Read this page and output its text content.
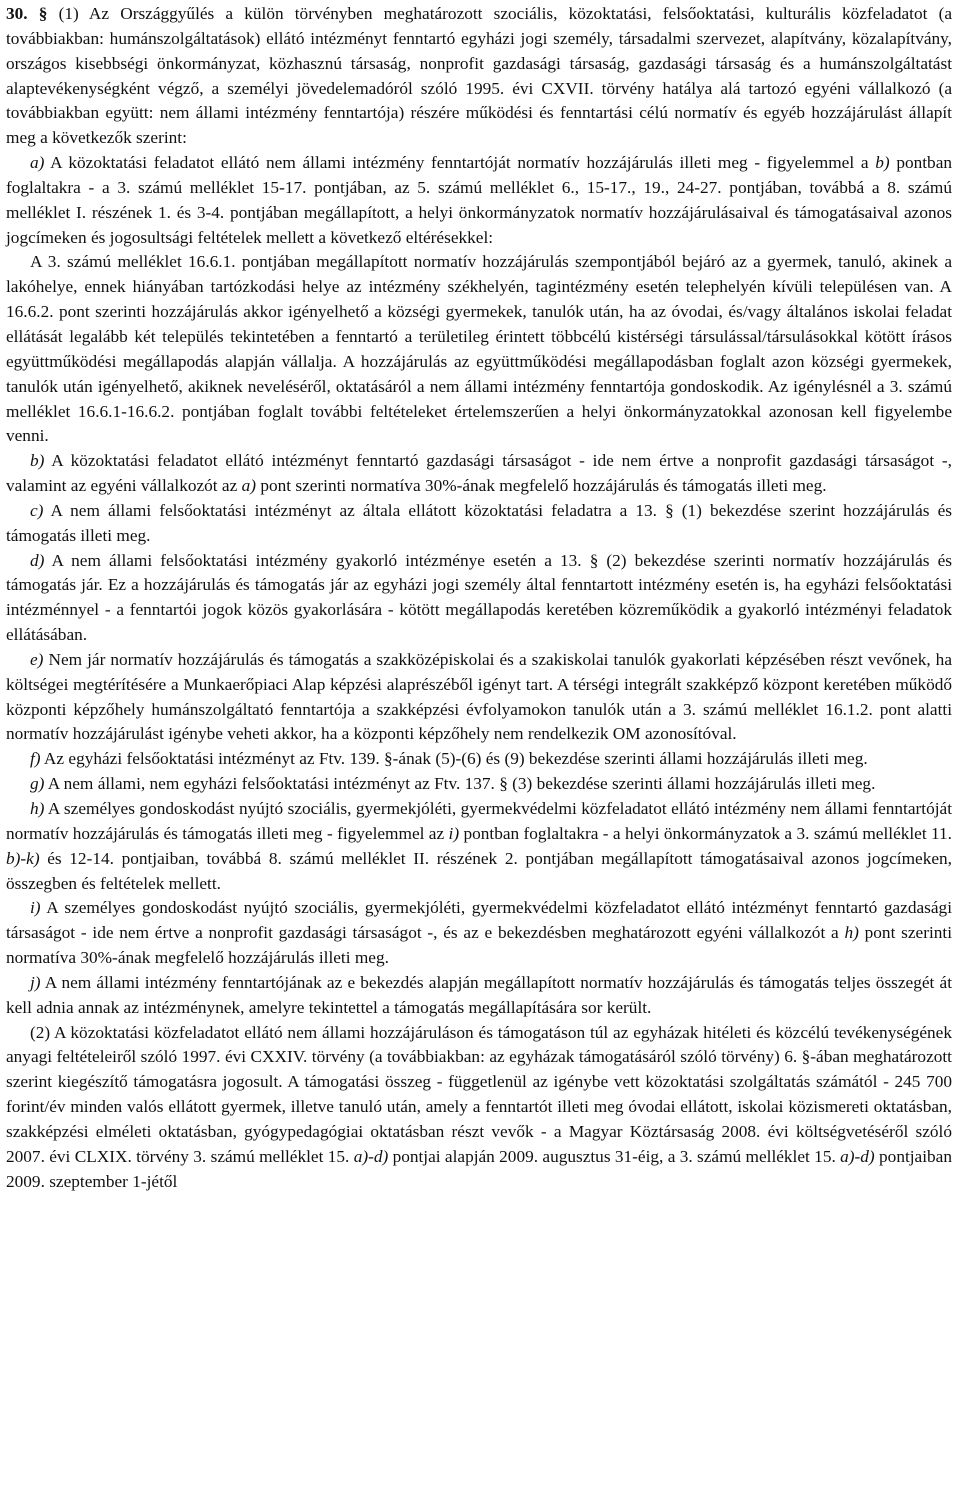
30. § (1) Az Országgyűlés a külön törvényben meghatározott szociális, közoktatási, felsőoktatási, kulturális közfeladatot (a továbbiakban: humánszolgáltatások) ellátó intézményt fenntartó egyházi jogi személy, társadalmi szervezet, alapítvány, közalapítvány, országos kisebbségi önkormányzat, közhasznú társaság, nonprofit gazdasági társaság, gazdasági társaság és a humánszolgáltatást alaptevékenységként végző, a személyi jövedelemadóról szóló 1995. évi CXVII. törvény hatálya alá tartozó egyéni vállalkozó (a továbbiakban együtt: nem állami intézmény fenntartója) részére működési és fenntartási célú normatív és egyéb hozzájárulást állapít meg a következők szerint:

a) A közoktatási feladatot ellátó nem állami intézmény fenntartóját normatív hozzájárulás illeti meg - figyelemmel a b) pontban foglaltakra - a 3. számú melléklet 15-17. pontjában, az 5. számú melléklet 6., 15-17., 19., 24-27. pontjában, továbbá a 8. számú melléklet I. részének 1. és 3-4. pontjában megállapított, a helyi önkormányzatok normatív hozzájárulásaival és támogatásaival azonos jogcímeken és jogosultsági feltételek mellett a következő eltérésekkel:

A 3. számú melléklet 16.6.1. pontjában megállapított normatív hozzájárulás szempontjából bejáró az a gyermek, tanuló, akinek a lakóhelye, ennek hiányában tartózkodási helye az intézmény székhelyén, tagintézmény esetén telephelyén kívüli településen van. A 16.6.2. pont szerinti hozzájárulás akkor igényelhető a községi gyermekek, tanulók után, ha az óvodai, és/vagy általános iskolai feladat ellátását legalább két település tekintetében a fenntartó a területileg érintett többcélú kistérségi társulással/társulásokkal kötött írásos együttműködési megállapodás alapján vállalja. A hozzájárulás az együttműködési megállapodásban foglalt azon községi gyermekek, tanulók után igényelhető, akiknek neveléséről, oktatásáról a nem állami intézmény fenntartója gondoskodik. Az igénylésnél a 3. számú melléklet 16.6.1-16.6.2. pontjában foglalt további feltételeket értelemszerűen a helyi önkormányzatokkal azonosan kell figyelembe venni.

b) A közoktatási feladatot ellátó intézményt fenntartó gazdasági társaságot - ide nem értve a nonprofit gazdasági társaságot -, valamint az egyéni vállalkozót az a) pont szerinti normatíva 30%-ának megfelelő hozzájárulás és támogatás illeti meg.

c) A nem állami felsőoktatási intézményt az általa ellátott közoktatási feladatra a 13. § (1) bekezdése szerint hozzájárulás és támogatás illeti meg.

d) A nem állami felsőoktatási intézmény gyakorló intézménye esetén a 13. § (2) bekezdése szerinti normatív hozzájárulás és támogatás jár. Ez a hozzájárulás és támogatás jár az egyházi jogi személy által fenntartott intézmény esetén is, ha egyházi felsőoktatási intézménnyel - a fenntartói jogok közös gyakorlására - kötött megállapodás keretében közreműködik a gyakorló intézményi feladatok ellátásában.

e) Nem jár normatív hozzájárulás és támogatás a szakközépiskolai és a szakiskolai tanulók gyakorlati képzésében részt vevőnek, ha költségei megtérítésére a Munkaerőpiaci Alap képzési alaprészéből igényt tart. A térségi integrált szakképző központ keretében működő központi képzőhely humánszolgáltató fenntartója a szakképzési évfolyamokon tanulók után a 3. számú melléklet 16.1.2. pont alatti normatív hozzájárulást igénybe veheti akkor, ha a központi képzőhely nem rendelkezik OM azonosítóval.

f) Az egyházi felsőoktatási intézményt az Ftv. 139. §-ának (5)-(6) és (9) bekezdése szerinti állami hozzájárulás illeti meg.

g) A nem állami, nem egyházi felsőoktatási intézményt az Ftv. 137. § (3) bekezdése szerinti állami hozzájárulás illeti meg.

h) A személyes gondoskodást nyújtó szociális, gyermekjóléti, gyermekvédelmi közfeladatot ellátó intézmény nem állami fenntartóját normatív hozzájárulás és támogatás illeti meg - figyelemmel az i) pontban foglaltakra - a helyi önkormányzatok a 3. számú melléklet 11. b)-k) és 12-14. pontjaiban, továbbá 8. számú melléklet II. részének 2. pontjában megállapított támogatásaival azonos jogcímeken, összegben és feltételek mellett.

i) A személyes gondoskodást nyújtó szociális, gyermekjóléti, gyermekvédelmi közfeladatot ellátó intézményt fenntartó gazdasági társaságot - ide nem értve a nonprofit gazdasági társaságot -, és az e bekezdésben meghatározott egyéni vállalkozót a h) pont szerinti normatíva 30%-ának megfelelő hozzájárulás illeti meg.

j) A nem állami intézmény fenntartójának az e bekezdés alapján megállapított normatív hozzájárulás és támogatás teljes összegét át kell adnia annak az intézménynek, amelyre tekintettel a támogatás megállapítására sor került.

(2) A közoktatási közfeladatot ellátó nem állami hozzájáruláson és támogatáson túl az egyházak hitéleti és közcélú tevékenységének anyagi feltételeiről szóló 1997. évi CXXIV. törvény (a továbbiakban: az egyházak támogatásáról szóló törvény) 6. §-ában meghatározott szerint kiegészítő támogatásra jogosult. A támogatási összeg - függetlenül az igénybe vett közoktatási szolgáltatás számától - 245 700 forint/év minden valós ellátott gyermek, illetve tanuló után, amely a fenntartót illeti meg óvodai ellátott, iskolai közismereti oktatásban, szakképzési elméleti oktatásban, gyógypedagógiai oktatásban részt vevők - a Magyar Köztársaság 2008. évi költségvetéséről szóló 2007. évi CLXIX. törvény 3. számú melléklet 15. a)-d) pontjai alapján 2009. augusztus 31-éig, a 3. számú melléklet 15. a)-d) pontjaiban 2009. szeptember 1-jétől
